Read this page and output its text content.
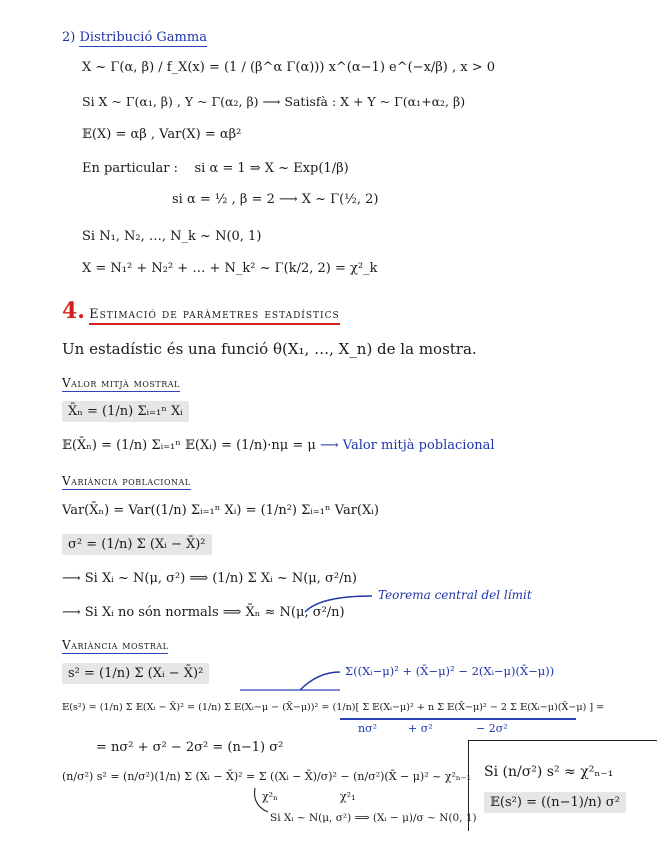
2) Distribució Gamma
X ~ Γ(α, β) / f_X(x) = (1 / (β^α Γ(α))) x^(α−1) e^(−x/β) , x > 0
Si X ~ Γ(α₁, β) , Y ~ Γ(α₂, β) ⟶ Satisfà : X + Y ~ Γ(α₁+α₂, β)
𝔼(X) = αβ , Var(X) = αβ²
En particular : si α = 1 ⇒ X ~ Exp(1/β)
si α = ½ , β = 2 ⟶ X ~ Γ(½, 2)
Si N₁, N₂, …, N_k ~ N(0, 1)
X = N₁² + N₂² + … + N_k² ~ Γ(k/2, 2) = χ²_k
4. Estimació de paràmetres estadístics
Un estadístic és una funció θ(X₁, …, X_n) de la mostra.
Valor mitjà mostral
X̄ₙ = (1/n) Σᵢ₌₁ⁿ Xᵢ
𝔼(X̄ₙ) = (1/n) Σᵢ₌₁ⁿ 𝔼(Xᵢ) = (1/n)·nμ = μ ⟶ Valor mitjà poblacional
Variància poblacional
Var(X̄ₙ) = Var((1/n) Σᵢ₌₁ⁿ Xᵢ) = (1/n²) Σᵢ₌₁ⁿ Var(Xᵢ)
σ² = (1/n) Σ (Xᵢ − X̄)²
⟶ Si Xᵢ ~ N(μ, σ²) ⟹ (1/n) Σ Xᵢ ~ N(μ, σ²/n)
⟶ Si Xᵢ no són normals ⟹ X̄ₙ ≈ N(μ, σ²/n)
Teorema central del límit
Variància mostral
s² = (1/n) Σ (Xᵢ − X̄)²	Σ((Xᵢ−μ)² + (X̄−μ)² − 2(Xᵢ−μ)(X̄−μ))
𝔼(s²) = (1/n) Σ 𝔼(Xᵢ − X̄)² = (1/n) Σ 𝔼(Xᵢ−μ − (X̄−μ))² = (1/n)[ Σ 𝔼(Xᵢ−μ)² + n Σ 𝔼(X̄−μ)² − 2 Σ 𝔼(Xᵢ−μ)(X̄−μ) ] =
nσ²	+ σ²	− 2σ²
= nσ² + σ² − 2σ² = (n−1) σ²
(n/σ²) s² = (n/σ²)(1/n) Σ (Xᵢ − X̄)² = Σ ((Xᵢ − X̄)/σ)² − (n/σ²)(X̄ − μ)² ~ χ²ₙ₋₁
χ²ₙ	χ²₁
Si Xᵢ ~ N(μ, σ²) ⟹ (Xᵢ − μ)/σ ~ N(0, 1)
Si (n/σ²) s² ≈ χ²ₙ₋₁
𝔼(s²) = ((n−1)/n) σ²
